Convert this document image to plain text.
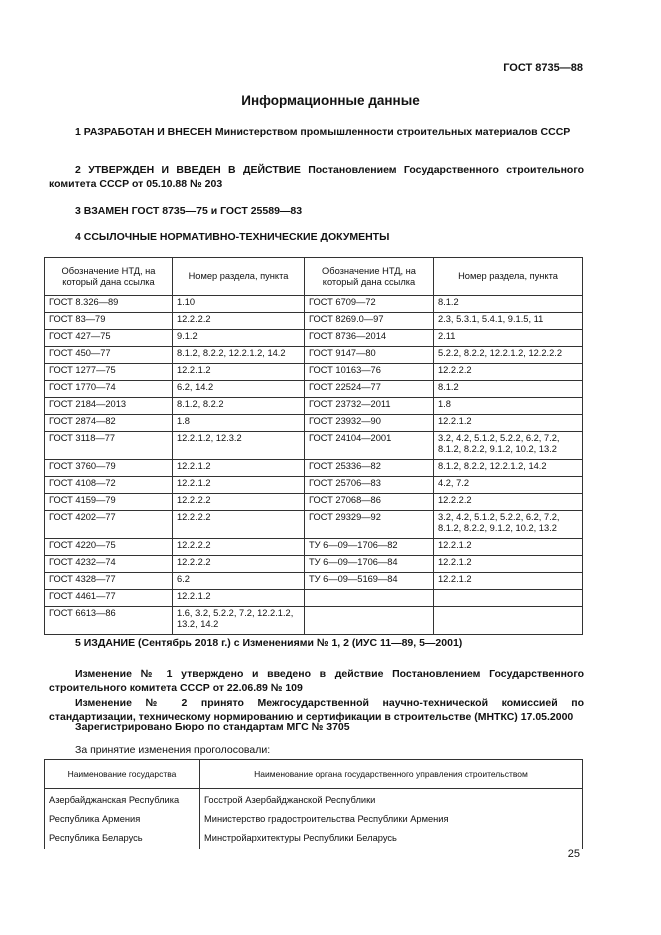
ГОСТ 8735—88
Информационные данные
1 РАЗРАБОТАН И ВНЕСЕН Министерством промышленности строительных материалов СССР
2 УТВЕРЖДЕН И ВВЕДЕН В ДЕЙСТВИЕ Постановлением Государственного строительного комитета СССР от 05.10.88 № 203
3 ВЗАМЕН ГОСТ 8735—75 и ГОСТ 25589—83
4 ССЫЛОЧНЫЕ НОРМАТИВНО-ТЕХНИЧЕСКИЕ ДОКУМЕНТЫ
Обозначение НТД, на который дана ссылка	Номер раздела, пункта	Обозначение НТД, на который дана ссылка	Номер раздела, пункта
ГОСТ 8.326—89	1.10	ГОСТ 6709—72	8.1.2
ГОСТ 83—79	12.2.2.2	ГОСТ 8269.0—97	2.3, 5.3.1, 5.4.1, 9.1.5, 11
ГОСТ 427—75	9.1.2	ГОСТ 8736—2014	2.11
ГОСТ 450—77	8.1.2, 8.2.2, 12.2.1.2, 14.2	ГОСТ 9147—80	5.2.2, 8.2.2, 12.2.1.2, 12.2.2.2
ГОСТ 1277—75	12.2.1.2	ГОСТ 10163—76	12.2.2.2
ГОСТ 1770—74	6.2, 14.2	ГОСТ 22524—77	8.1.2
ГОСТ 2184—2013	8.1.2, 8.2.2	ГОСТ 23732—2011	1.8
ГОСТ 2874—82	1.8	ГОСТ 23932—90	12.2.1.2
ГОСТ 3118—77	12.2.1.2, 12.3.2	ГОСТ 24104—2001	3.2, 4.2, 5.1.2, 5.2.2, 6.2, 7.2, 8.1.2, 8.2.2, 9.1.2, 10.2, 13.2
ГОСТ 3760—79	12.2.1.2	ГОСТ 25336—82	8.1.2, 8.2.2, 12.2.1.2, 14.2
ГОСТ 4108—72	12.2.1.2	ГОСТ 25706—83	4.2, 7.2
ГОСТ 4159—79	12.2.2.2	ГОСТ 27068—86	12.2.2.2
ГОСТ 4202—77	12.2.2.2	ГОСТ 29329—92	3.2, 4.2, 5.1.2, 5.2.2, 6.2, 7.2, 8.1.2, 8.2.2, 9.1.2, 10.2, 13.2
ГОСТ 4220—75	12.2.2.2	ТУ 6—09—1706—82	12.2.1.2
ГОСТ 4232—74	12.2.2.2	ТУ 6—09—1706—84	12.2.1.2
ГОСТ 4328—77	6.2	ТУ 6—09—5169—84	12.2.1.2
ГОСТ 4461—77	12.2.1.2		
ГОСТ 6613—86	1.6, 3.2, 5.2.2, 7.2, 12.2.1.2, 13.2, 14.2		
5 ИЗДАНИЕ (Сентябрь 2018 г.) с Изменениями № 1, 2 (ИУС 11—89, 5—2001)
Изменение № 1 утверждено и введено в действие Постановлением Государственного строительного комитета СССР от 22.06.89 № 109
Изменение № 2 принято Межгосударственной научно-технической комиссией по стандартизации, техническому нормированию и сертификации в строительстве (МНТКС) 17.05.2000
Зарегистрировано Бюро по стандартам МГС № 3705
За принятие изменения проголосовали:
Наименование государства	Наименование органа государственного управления строительством
Азербайджанская Республика	Госстрой Азербайджанской Республики
Республика Армения	Министерство градостроительства Республики Армения
Республика Беларусь	Минстройархитектуры Республики Беларусь
25
